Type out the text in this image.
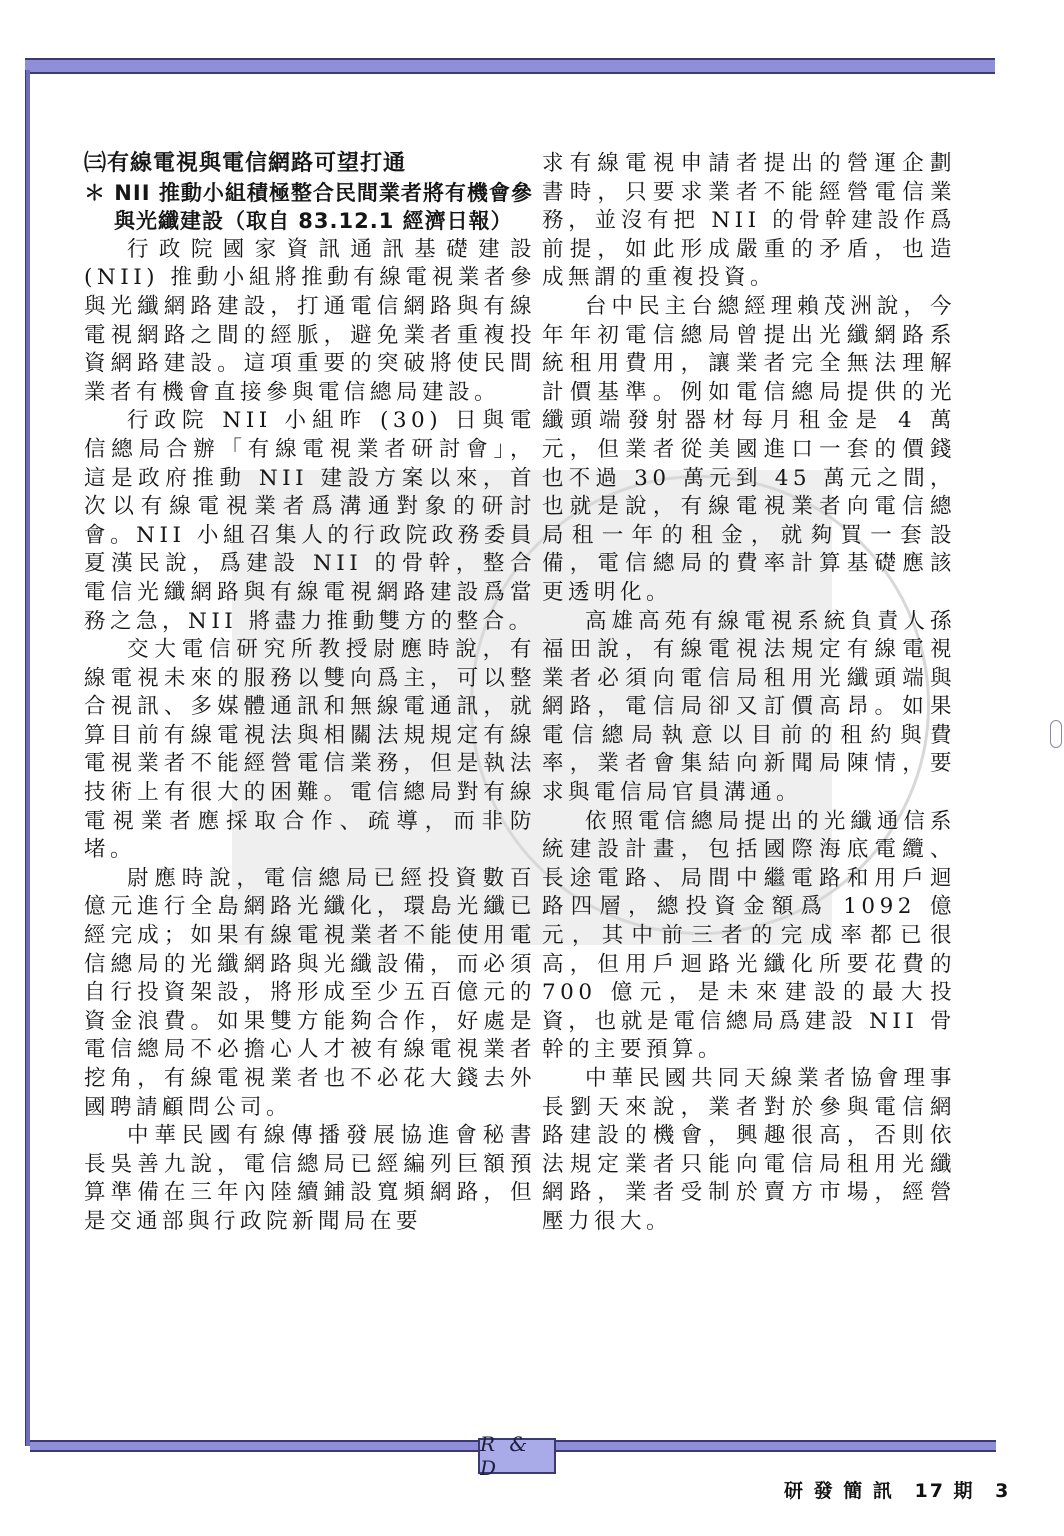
㈢有線電視與電信網路可望打通

＊ NII 推動小組積極整合民間業者將有機會參與光纖建設（取自 83.12.1 經濟日報）

行政院國家資訊通訊基礎建設 (NII) 推動小組將推動有線電視業者參與光纖網路建設，打通電信網路與有線電視網路之間的經脈，避免業者重複投資網路建設。這項重要的突破將使民間業者有機會直接參與電信總局建設。

行政院 NII 小組昨 (30) 日與電信總局合辦「有線電視業者研討會」，這是政府推動 NII 建設方案以來，首次以有線電視業者爲溝通對象的研討會。NII 小組召集人的行政院政務委員夏漢民說，爲建設 NII 的骨幹，整合電信光纖網路與有線電視網路建設爲當務之急，NII 將盡力推動雙方的整合。

交大電信研究所教授尉應時說，有線電視未來的服務以雙向爲主，可以整合視訊、多媒體通訊和無線電通訊，就算目前有線電視法與相關法規規定有線電視業者不能經營電信業務，但是執法技術上有很大的困難。電信總局對有線電視業者應採取合作、疏導，而非防堵。

尉應時說，電信總局已經投資數百億元進行全島網路光纖化，環島光纖已經完成；如果有線電視業者不能使用電信總局的光纖網路與光纖設備，而必須自行投資架設，將形成至少五百億元的資金浪費。如果雙方能夠合作，好處是電信總局不必擔心人才被有線電視業者挖角，有線電視業者也不必花大錢去外國聘請顧問公司。

中華民國有線傳播發展協進會秘書長吳善九說，電信總局已經編列巨額預算準備在三年內陸續鋪設寬頻網路，但是交通部與行政院新聞局在要

求有線電視申請者提出的營運企劃書時，只要求業者不能經營電信業務，並沒有把 NII 的骨幹建設作爲前提，如此形成嚴重的矛盾，也造成無謂的重複投資。

台中民主台總經理賴茂洲說，今年年初電信總局曾提出光纖網路系統租用費用，讓業者完全無法理解計價基準。例如電信總局提供的光纖頭端發射器材每月租金是 4 萬元，但業者從美國進口一套的價錢也不過 30 萬元到 45 萬元之間，也就是說，有線電視業者向電信總局租一年的租金，就夠買一套設備，電信總局的費率計算基礎應該更透明化。

高雄高苑有線電視系統負責人孫福田說，有線電視法規定有線電視業者必須向電信局租用光纖頭端與網路，電信局卻又訂價高昂。如果電信總局執意以目前的租約與費率，業者會集結向新聞局陳情，要求與電信局官員溝通。

依照電信總局提出的光纖通信系統建設計畫，包括國際海底電纜、長途電路、局間中繼電路和用戶迴路四層，總投資金額爲 1092 億元，其中前三者的完成率都已很高，但用戶迴路光纖化所要花費的 700 億元，是未來建設的最大投資，也就是電信總局爲建設 NII 骨幹的主要預算。

中華民國共同天線業者協會理事長劉天來說，業者對於參與電信網路建設的機會，興趣很高，否則依法規定業者只能向電信局租用光纖網路，業者受制於賣方市場，經營壓力很大。

R & D
研 發 簡 訊 17 期 3
